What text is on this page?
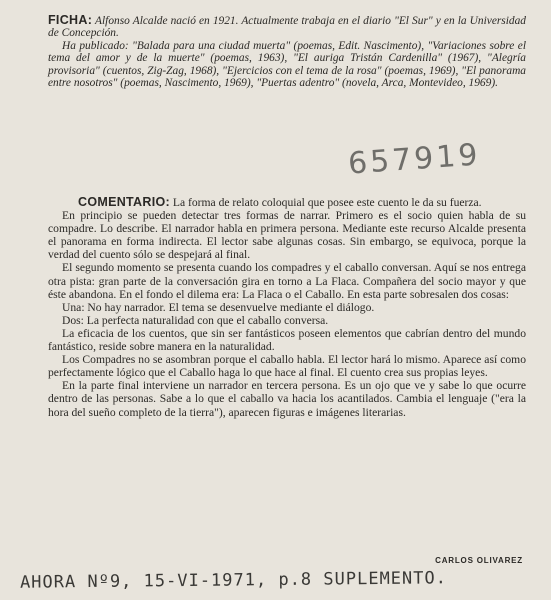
FICHA: Alfonso Alcalde nació en 1921. Actualmente trabaja en el diario "El Sur" y en la Universidad de Concepción.

Ha publicado: "Balada para una ciudad muerta" (poemas, Edit. Nascimento), "Variaciones sobre el tema del amor y de la muerte" (poemas, 1963), "El auriga Tristán Cardenilla" (1967), "Alegría provisoria" (cuentos, Zig-Zag, 1968), "Ejercicios con el tema de la rosa" (poemas, 1969), "El panorama entre nosotros" (poemas, Nascimento, 1969), "Puertas adentro" (novela, Arca, Montevideo, 1969).

657919

COMENTARIO: La forma de relato coloquial que posee este cuento le da su fuerza.

En principio se pueden detectar tres formas de narrar. Primero es el socio quien habla de su compadre. Lo describe. El narrador habla en primera persona. Mediante este recurso Alcalde presenta el panorama en forma indirecta. El lector sabe algunas cosas. Sin embargo, se equivoca, porque la verdad del cuento sólo se despejará al final.

El segundo momento se presenta cuando los compadres y el caballo conversan. Aquí se nos entrega otra pista: gran parte de la conversación gira en torno a La Flaca. Compañera del socio mayor y que éste abandona. En el fondo el dilema era: La Flaca o el Caballo. En esta parte sobresalen dos cosas:

Una: No hay narrador. El tema se desenvuelve mediante el diálogo.

Dos: La perfecta naturalidad con que el caballo conversa.

La eficacia de los cuentos, que sin ser fantásticos poseen elementos que cabrían dentro del mundo fantástico, reside sobre manera en la naturalidad.

Los Compadres no se asombran porque el caballo habla. El lector hará lo mismo. Aparece así como perfectamente lógico que el Caballo haga lo que hace al final. El cuento crea sus propias leyes.

En la parte final interviene un narrador en tercera persona. Es un ojo que ve y sabe lo que ocurre dentro de las personas. Sabe a lo que el caballo va hacia los acantilados. Cambia el lenguaje ("era la hora del sueño completo de la tierra"), aparecen figuras e imágenes literarias.

CARLOS OLIVAREZ
AHORA Nº9, 15-VI-1971, p.8 SUPLEMENTO.
